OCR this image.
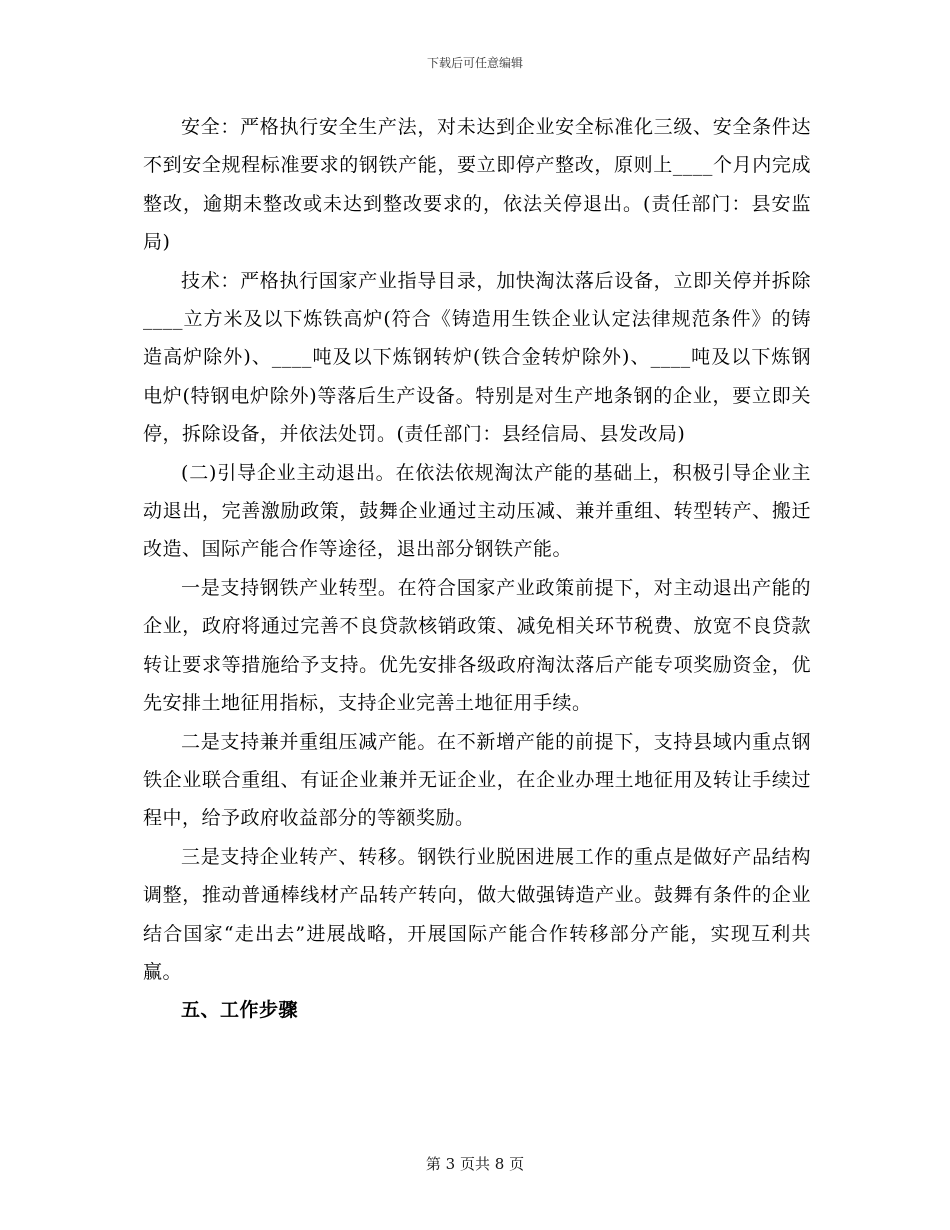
下载后可任意编辑

安全：严格执行安全生产法，对未达到企业安全标准化三级、安全条件达不到安全规程标准要求的钢铁产能，要立即停产整改，原则上____个月内完成整改，逾期未整改或未达到整改要求的，依法关停退出。(责任部门：县安监局)

技术：严格执行国家产业指导目录，加快淘汰落后设备，立即关停并拆除____立方米及以下炼铁高炉(符合《铸造用生铁企业认定法律规范条件》的铸造高炉除外)、____吨及以下炼钢转炉(铁合金转炉除外)、____吨及以下炼钢电炉(特钢电炉除外)等落后生产设备。特别是对生产地条钢的企业，要立即关停，拆除设备，并依法处罚。(责任部门：县经信局、县发改局)

(二)引导企业主动退出。在依法依规淘汰产能的基础上，积极引导企业主动退出，完善激励政策，鼓舞企业通过主动压减、兼并重组、转型转产、搬迁改造、国际产能合作等途径，退出部分钢铁产能。

一是支持钢铁产业转型。在符合国家产业政策前提下，对主动退出产能的企业，政府将通过完善不良贷款核销政策、减免相关环节税费、放宽不良贷款转让要求等措施给予支持。优先安排各级政府淘汰落后产能专项奖励资金，优先安排土地征用指标，支持企业完善土地征用手续。

二是支持兼并重组压减产能。在不新增产能的前提下，支持县域内重点钢铁企业联合重组、有证企业兼并无证企业，在企业办理土地征用及转让手续过程中，给予政府收益部分的等额奖励。

三是支持企业转产、转移。钢铁行业脱困进展工作的重点是做好产品结构调整，推动普通棒线材产品转产转向，做大做强铸造产业。鼓舞有条件的企业结合国家“走出去”进展战略，开展国际产能合作转移部分产能，实现互利共赢。

五、工作步骤

第 3 页共 8 页
